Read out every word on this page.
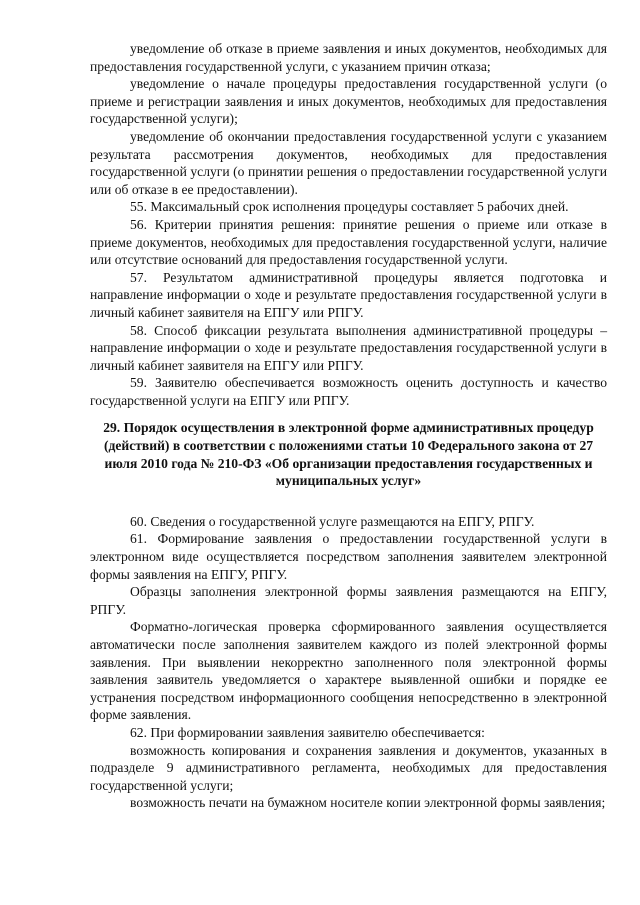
уведомление об отказе в приеме заявления и иных документов, необходимых для предоставления государственной услуги, с указанием причин отказа;

уведомление о начале процедуры предоставления государственной услуги (о приеме и регистрации заявления и иных документов, необходимых для предоставления государственной услуги);

уведомление об окончании предоставления государственной услуги с указанием результата рассмотрения документов, необходимых для предоставления государственной услуги (о принятии решения о предоставлении государственной услуги или об отказе в ее предоставлении).

55. Максимальный срок исполнения процедуры составляет 5 рабочих дней.

56. Критерии принятия решения: принятие решения о приеме или отказе в приеме документов, необходимых для предоставления государственной услуги, наличие или отсутствие оснований для предоставления государственной услуги.

57. Результатом административной процедуры является подготовка и направление информации о ходе и результате предоставления государственной услуги в личный кабинет заявителя на ЕПГУ или РПГУ.

58. Способ фиксации результата выполнения административной процедуры – направление информации о ходе и результате предоставления государственной услуги в личный кабинет заявителя на ЕПГУ или РПГУ.

59. Заявителю обеспечивается возможность оценить доступность и качество государственной услуги на ЕПГУ или РПГУ.

29. Порядок осуществления в электронной форме административных процедур (действий) в соответствии с положениями статьи 10 Федерального закона от 27 июля 2010 года № 210-ФЗ «Об организации предоставления государственных и муниципальных услуг»

60. Сведения о государственной услуге размещаются на ЕПГУ, РПГУ.

61. Формирование заявления о предоставлении государственной услуги в электронном виде осуществляется посредством заполнения заявителем электронной формы заявления на ЕПГУ, РПГУ.

Образцы заполнения электронной формы заявления размещаются на ЕПГУ, РПГУ.

Форматно-логическая проверка сформированного заявления осуществляется автоматически после заполнения заявителем каждого из полей электронной формы заявления. При выявлении некорректно заполненного поля электронной формы заявления заявитель уведомляется о характере выявленной ошибки и порядке ее устранения посредством информационного сообщения непосредственно в электронной форме заявления.

62. При формировании заявления заявителю обеспечивается:

возможность копирования и сохранения заявления и документов, указанных в подразделе 9 административного регламента, необходимых для предоставления государственной услуги;

возможность печати на бумажном носителе копии электронной формы заявления;
